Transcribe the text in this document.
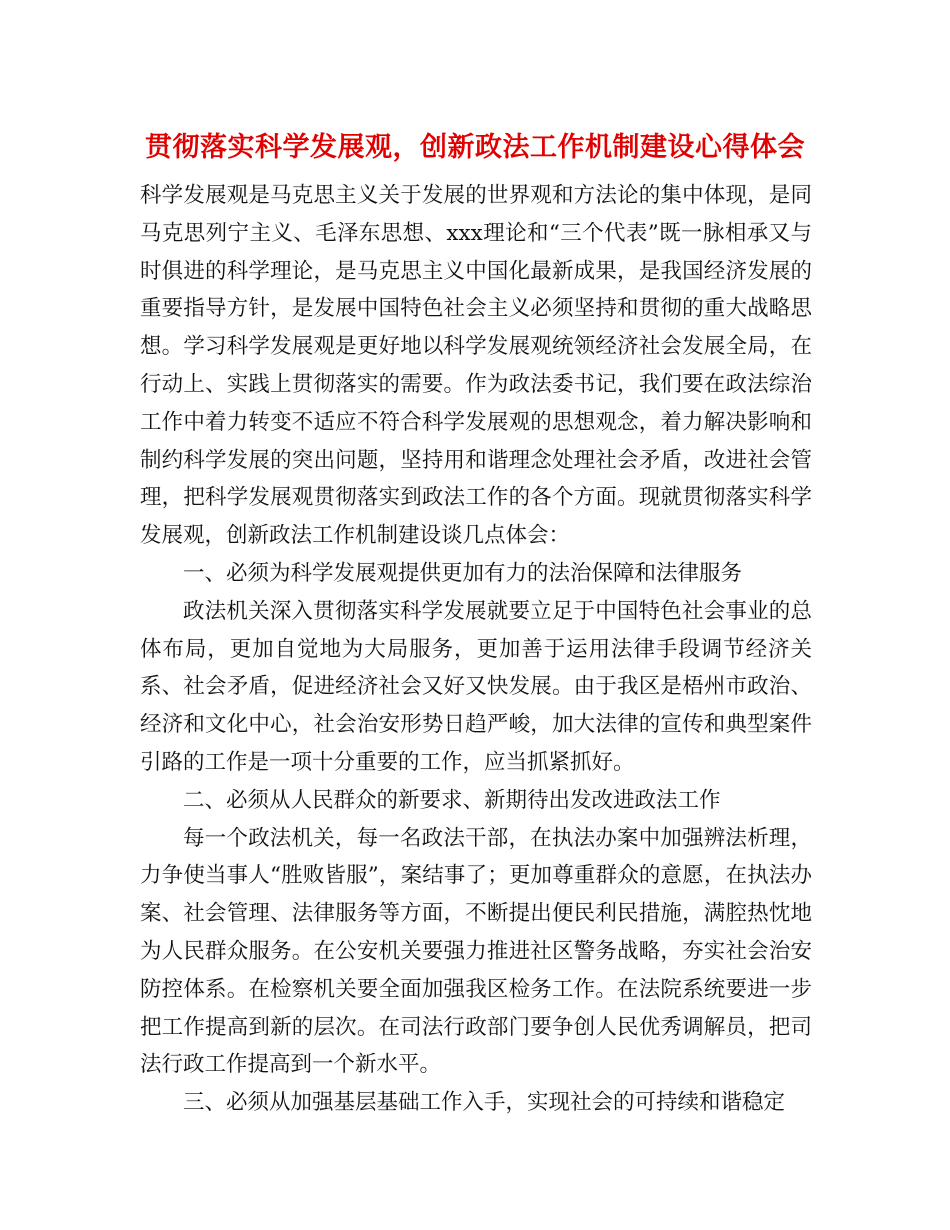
贯彻落实科学发展观，创新政法工作机制建设心得体会

科学发展观是马克思主义关于发展的世界观和方法论的集中体现，是同马克思列宁主义、毛泽东思想、xxx理论和“三个代表”既一脉相承又与时俱进的科学理论，是马克思主义中国化最新成果，是我国经济发展的重要指导方针，是发展中国特色社会主义必须坚持和贯彻的重大战略思想。学习科学发展观是更好地以科学发展观统领经济社会发展全局，在行动上、实践上贯彻落实的需要。作为政法委书记，我们要在政法综治工作中着力转变不适应不符合科学发展观的思想观念，着力解决影响和制约科学发展的突出问题，坚持用和谐理念处理社会矛盾，改进社会管理，把科学发展观贯彻落实到政法工作的各个方面。现就贯彻落实科学发展观，创新政法工作机制建设谈几点体会：

一、必须为科学发展观提供更加有力的法治保障和法律服务

政法机关深入贯彻落实科学发展就要立足于中国特色社会事业的总体布局，更加自觉地为大局服务，更加善于运用法律手段调节经济关系、社会矛盾，促进经济社会又好又快发展。由于我区是梧州市政治、经济和文化中心，社会治安形势日趋严峻，加大法律的宣传和典型案件引路的工作是一项十分重要的工作，应当抓紧抓好。

二、必须从人民群众的新要求、新期待出发改进政法工作

每一个政法机关，每一名政法干部，在执法办案中加强辨法析理，力争使当事人“胜败皆服”，案结事了；更加尊重群众的意愿，在执法办案、社会管理、法律服务等方面，不断提出便民利民措施，满腔热忱地为人民群众服务。在公安机关要强力推进社区警务战略，夯实社会治安防控体系。在检察机关要全面加强我区检务工作。在法院系统要进一步把工作提高到新的层次。在司法行政部门要争创人民优秀调解员，把司法行政工作提高到一个新水平。

三、必须从加强基层基础工作入手，实现社会的可持续和谐稳定
